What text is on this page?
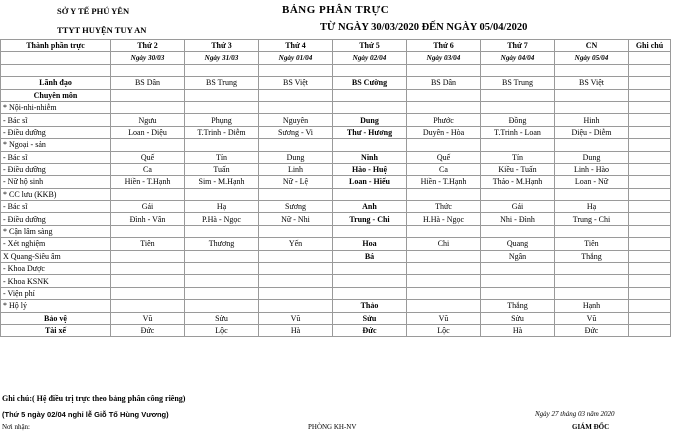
SỞ Y TẾ PHÚ YÊN
TTYT HUYỆN TUY AN
BẢNG PHÂN TRỰC
TỪ NGÀY 30/03/2020 ĐẾN NGÀY 05/04/2020
Thành phần trực	Thứ 2	Thứ 3	Thứ 4	Thứ 5	Thứ 6	Thứ 7	CN	Ghi chú
	Ngày 30/03	Ngày 31/03	Ngày 01/04	Ngày 02/04	Ngày 03/04	Ngày 04/04	Ngày 05/04	

Lãnh đạo	BS Dân	BS Trung	BS Việt	BS Cường	BS Dân	BS Trung	BS Việt	
Chuyên môn								
* Nội-nhi-nhiễm								
- Bác sĩ	Ngưu	Phụng	Nguyên	Dung	Phước	Đồng	Hinh	
- Điều dưỡng	Loan - Diệu	T.Trinh - Diễm	Sương - Vi	Thư - Hương	Duyên - Hòa	T.Trinh - Loan	Diệu - Diễm	
* Ngoại - sản								
- Bác sĩ	Quế	Tín	Dung	Ninh	Quế	Tín	Dung	
- Điều dưỡng	Ca	Tuấn	Linh	Hào - Huệ	Ca	Kiều - Tuấn	Linh - Hào	
- Nữ hộ sinh	Hiền - T.Hạnh	Sim - M.Hạnh	Nữ - Lệ	Loan - Hiếu	Hiền - T.Hạnh	Thảo - M.Hạnh	Loan - Nữ	
* CC lưu (KKB)								
- Bác sĩ	Gái	Hạ	Sương	Anh	Thức	Gái	Hạ	
- Điều dưỡng	Đình - Vân	P.Hà - Ngọc	Nữ - Nhi	Trung - Chi	H.Hà - Ngọc	Nhi - Đình	Trung - Chi	
* Cận lâm sàng								
- Xét nghiệm	Tiên	Thương	Yến	Hoa	Chi	Quang	Tiên	
X Quang-Siêu âm				Bá		Ngân	Thắng	
- Khoa Dược								
- Khoa KSNK								
- Viện phí								
* Hộ lý				Thảo		Thắng	Hạnh	
Bảo vệ	Vũ	Sửu	Vũ	Sửu	Vũ	Sửu	Vũ	
Tài xế	Đức	Lộc	Hà	Đức	Lộc	Hà	Đức	
Ghi chú:( Hệ điều trị trực theo bảng phân công riêng)
(Thứ 5 ngày 02/04 nghỉ lễ Giỗ Tổ Hùng Vương)	Ngày 27 tháng 03 năm 2020
Nơi nhận:	PHÒNG KH-NV	GIÁM ĐỐC
